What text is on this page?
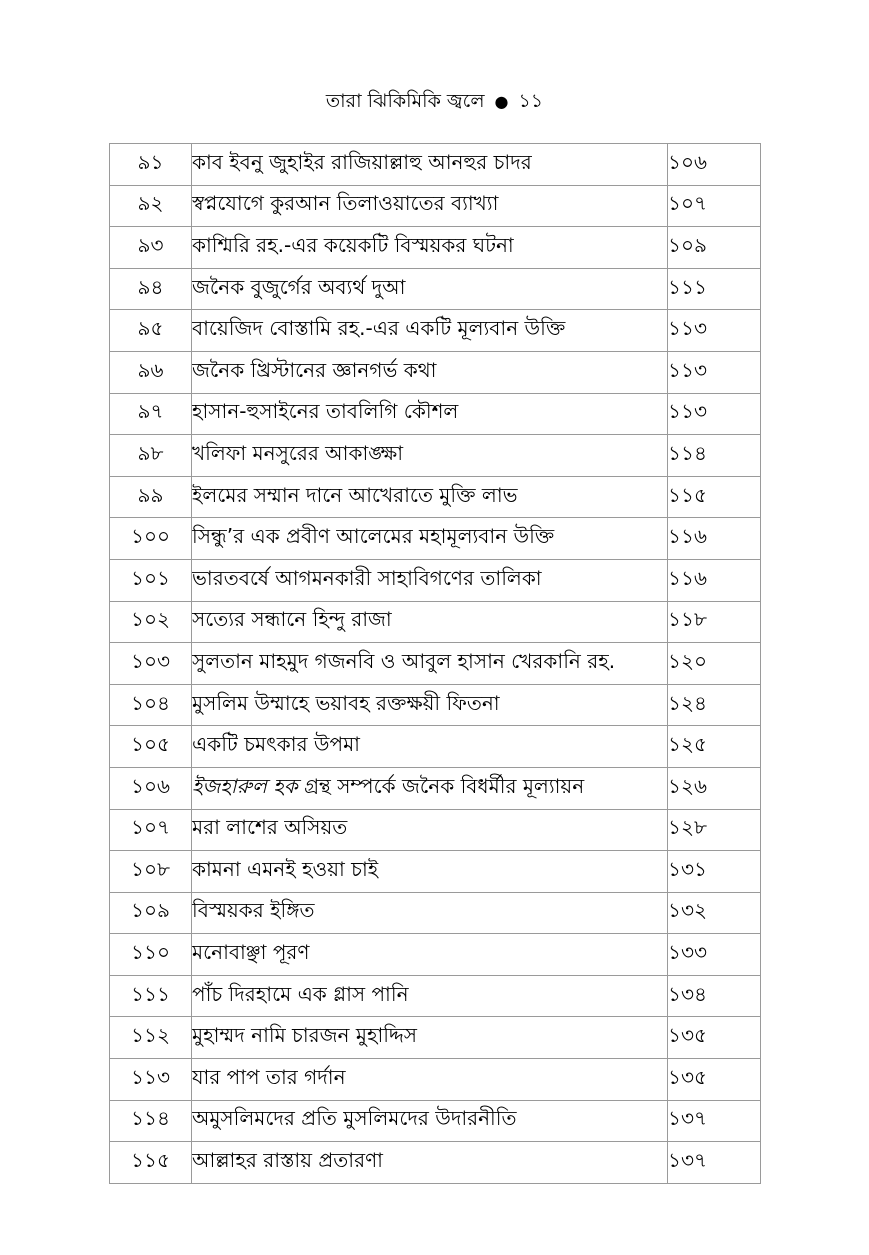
তারা ঝিকিমিকি জ্বলে ● ১১
৯১	কাব ইবনু জুহাইর রাজিয়াল্লাহু আনহুর চাদর	১০৬
৯২	স্বপ্নযোগে কুরআন তিলাওয়াতের ব্যাখ্যা	১০৭
৯৩	কাশ্মিরি রহ.-এর কয়েকটি বিস্ময়কর ঘটনা	১০৯
৯৪	জনৈক বুজুর্গের অব্যর্থ দুআ	১১১
৯৫	বায়েজিদ বোস্তামি রহ.-এর একটি মূল্যবান উক্তি	১১৩
৯৬	জনৈক খ্রিস্টানের জ্ঞানগর্ভ কথা	১১৩
৯৭	হাসান-হুসাইনের তাবলিগি কৌশল	১১৩
৯৮	খলিফা মনসুরের আকাঙ্ক্ষা	১১৪
৯৯	ইলমের সম্মান দানে আখেরাতে মুক্তি লাভ	১১৫
১০০	সিন্ধু’র এক প্রবীণ আলেমের মহামূল্যবান উক্তি	১১৬
১০১	ভারতবর্ষে আগমনকারী সাহাবিগণের তালিকা	১১৬
১০২	সত্যের সন্ধানে হিন্দু রাজা	১১৮
১০৩	সুলতান মাহমুদ গজনবি ও আবুল হাসান খেরকানি রহ.	১২০
১০৪	মুসলিম উম্মাহে ভয়াবহ রক্তক্ষয়ী ফিতনা	১২৪
১০৫	একটি চমৎকার উপমা	১২৫
১০৬	ইজহারুল হক গ্রন্থ সম্পর্কে জনৈক বিধর্মীর মূল্যায়ন	১২৬
১০৭	মরা লাশের অসিয়ত	১২৮
১০৮	কামনা এমনই হওয়া চাই	১৩১
১০৯	বিস্ময়কর ইঙ্গিত	১৩২
১১০	মনোবাঞ্ছা পূরণ	১৩৩
১১১	পাঁচ দিরহামে এক গ্লাস পানি	১৩৪
১১২	মুহাম্মদ নামি চারজন মুহাদ্দিস	১৩৫
১১৩	যার পাপ তার গর্দান	১৩৫
১১৪	অমুসলিমদের প্রতি মুসলিমদের উদারনীতি	১৩৭
১১৫	আল্লাহর রাস্তায় প্রতারণা	১৩৭
